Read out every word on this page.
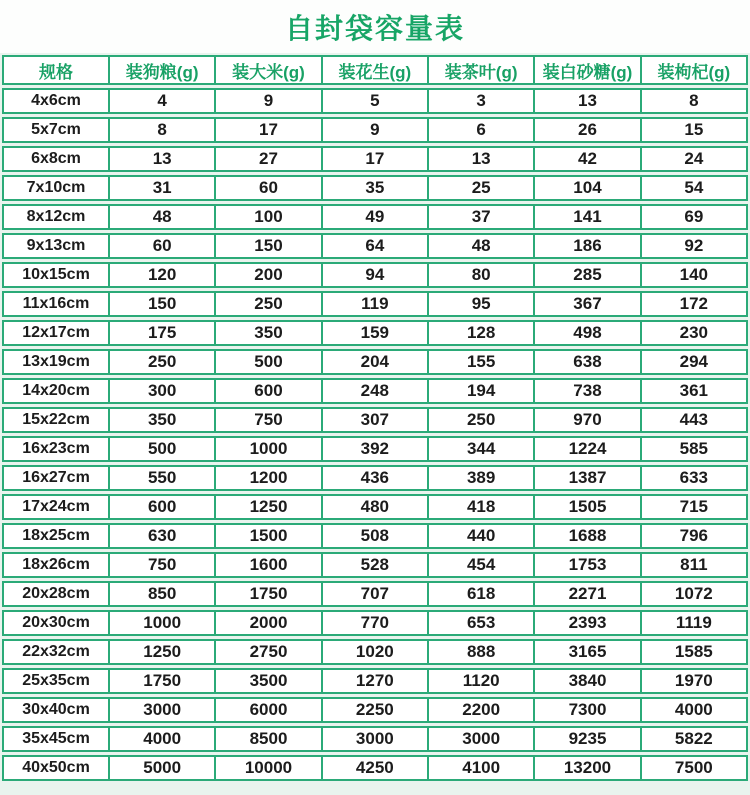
自封袋容量表
规格	装狗粮(g)	装大米(g)	装花生(g)	装茶叶(g)	装白砂糖(g)	装枸杞(g)
4x6cm	4	9	5	3	13	8
5x7cm	8	17	9	6	26	15
6x8cm	13	27	17	13	42	24
7x10cm	31	60	35	25	104	54
8x12cm	48	100	49	37	141	69
9x13cm	60	150	64	48	186	92
10x15cm	120	200	94	80	285	140
11x16cm	150	250	119	95	367	172
12x17cm	175	350	159	128	498	230
13x19cm	250	500	204	155	638	294
14x20cm	300	600	248	194	738	361
15x22cm	350	750	307	250	970	443
16x23cm	500	1000	392	344	1224	585
16x27cm	550	1200	436	389	1387	633
17x24cm	600	1250	480	418	1505	715
18x25cm	630	1500	508	440	1688	796
18x26cm	750	1600	528	454	1753	811
20x28cm	850	1750	707	618	2271	1072
20x30cm	1000	2000	770	653	2393	1119
22x32cm	1250	2750	1020	888	3165	1585
25x35cm	1750	3500	1270	1120	3840	1970
30x40cm	3000	6000	2250	2200	7300	4000
35x45cm	4000	8500	3000	3000	9235	5822
40x50cm	5000	10000	4250	4100	13200	7500
